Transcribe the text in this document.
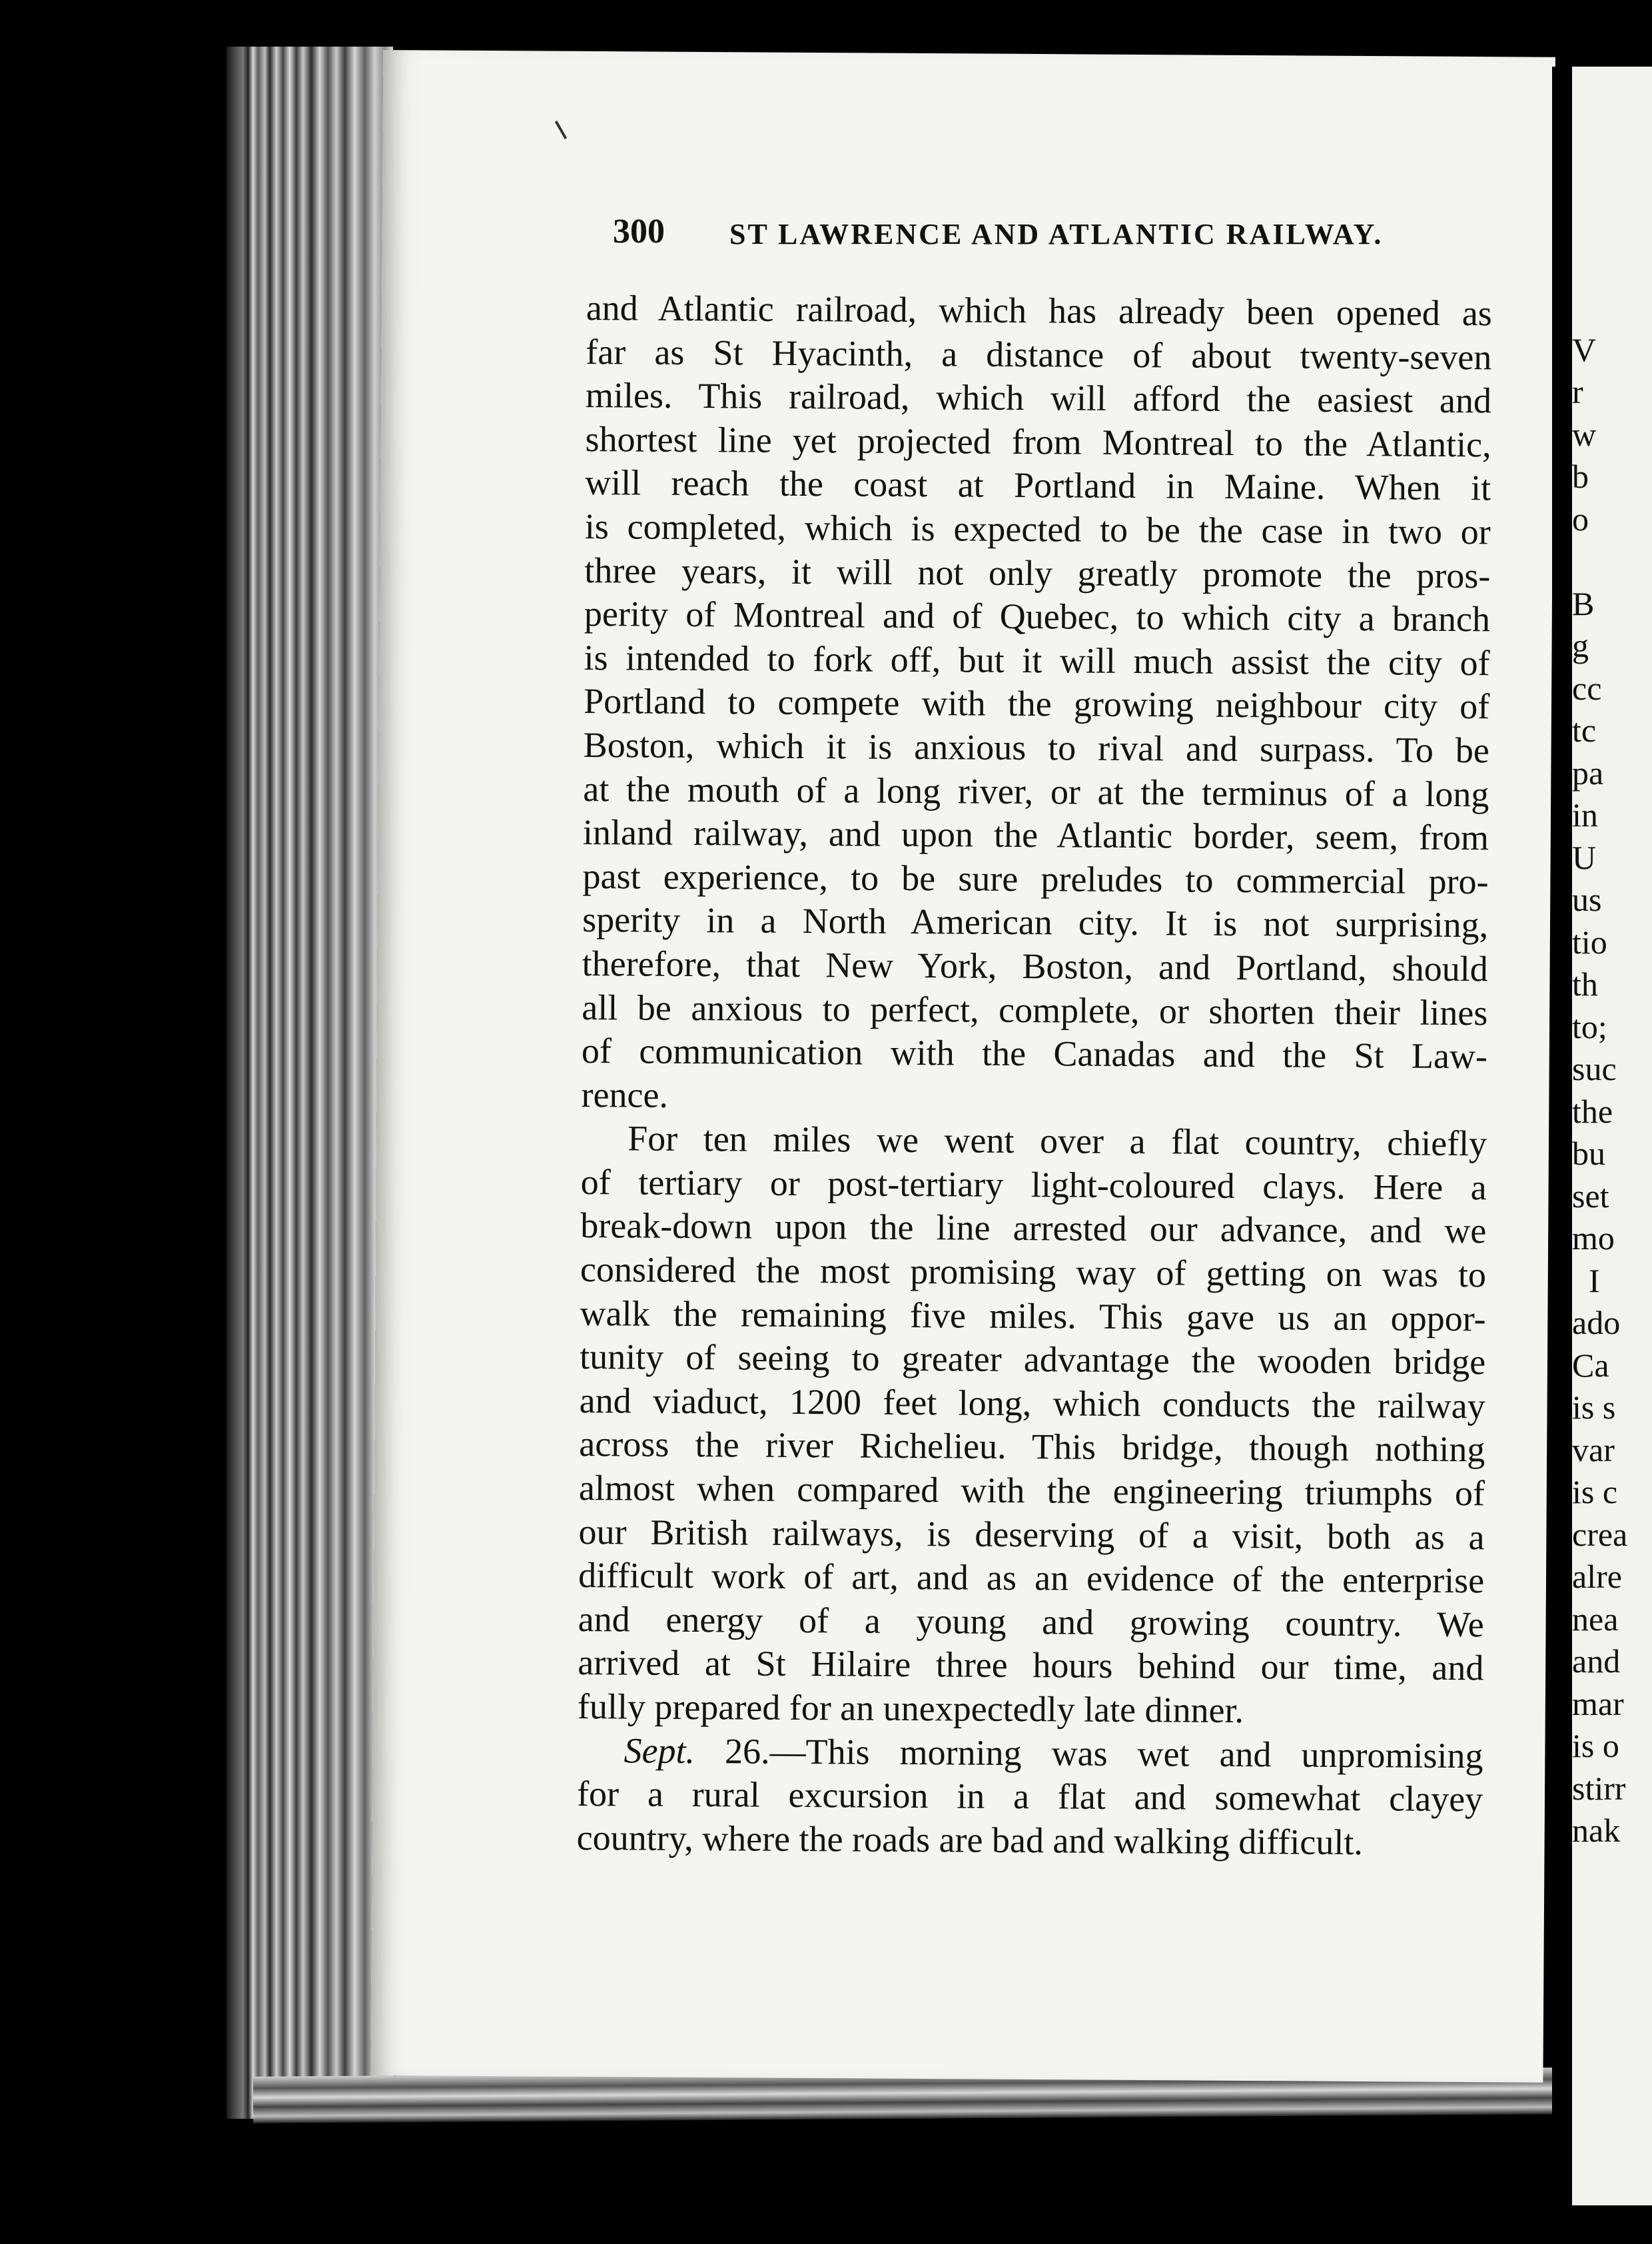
300 ST LAWRENCE AND ATLANTIC RAILWAY.
and Atlantic railroad, which has already been opened as
far as St Hyacinth, a distance of about twenty-seven
miles. This railroad, which will afford the easiest and
shortest line yet projected from Montreal to the Atlantic,
will reach the coast at Portland in Maine. When it
is completed, which is expected to be the case in two or
three years, it will not only greatly promote the pros-
perity of Montreal and of Quebec, to which city a branch
is intended to fork off, but it will much assist the city of
Portland to compete with the growing neighbour city of
Boston, which it is anxious to rival and surpass. To be
at the mouth of a long river, or at the terminus of a long
inland railway, and upon the Atlantic border, seem, from
past experience, to be sure preludes to commercial pro-
sperity in a North American city. It is not surprising,
therefore, that New York, Boston, and Portland, should
all be anxious to perfect, complete, or shorten their lines
of communication with the Canadas and the St Law-
rence.
For ten miles we went over a flat country, chiefly
of tertiary or post-tertiary light-coloured clays. Here a
break-down upon the line arrested our advance, and we
considered the most promising way of getting on was to
walk the remaining five miles. This gave us an oppor-
tunity of seeing to greater advantage the wooden bridge
and viaduct, 1200 feet long, which conducts the railway
across the river Richelieu. This bridge, though nothing
almost when compared with the engineering triumphs of
our British railways, is deserving of a visit, both as a
difficult work of art, and as an evidence of the enterprise
and energy of a young and growing country. We
arrived at St Hilaire three hours behind our time, and
fully prepared for an unexpectedly late dinner.
Sept. 26.—This morning was wet and unpromising
for a rural excursion in a flat and somewhat clayey
country, where the roads are bad and walking difficult.
V
r
w
b
o
B
g
cc
tc
pa
in
U
us
tio
th
to;
suc
the
bu
set
mo
I
ado
Ca
is s
var
is c
crea
alre
nea
and
mar
is o
stirr
nak
